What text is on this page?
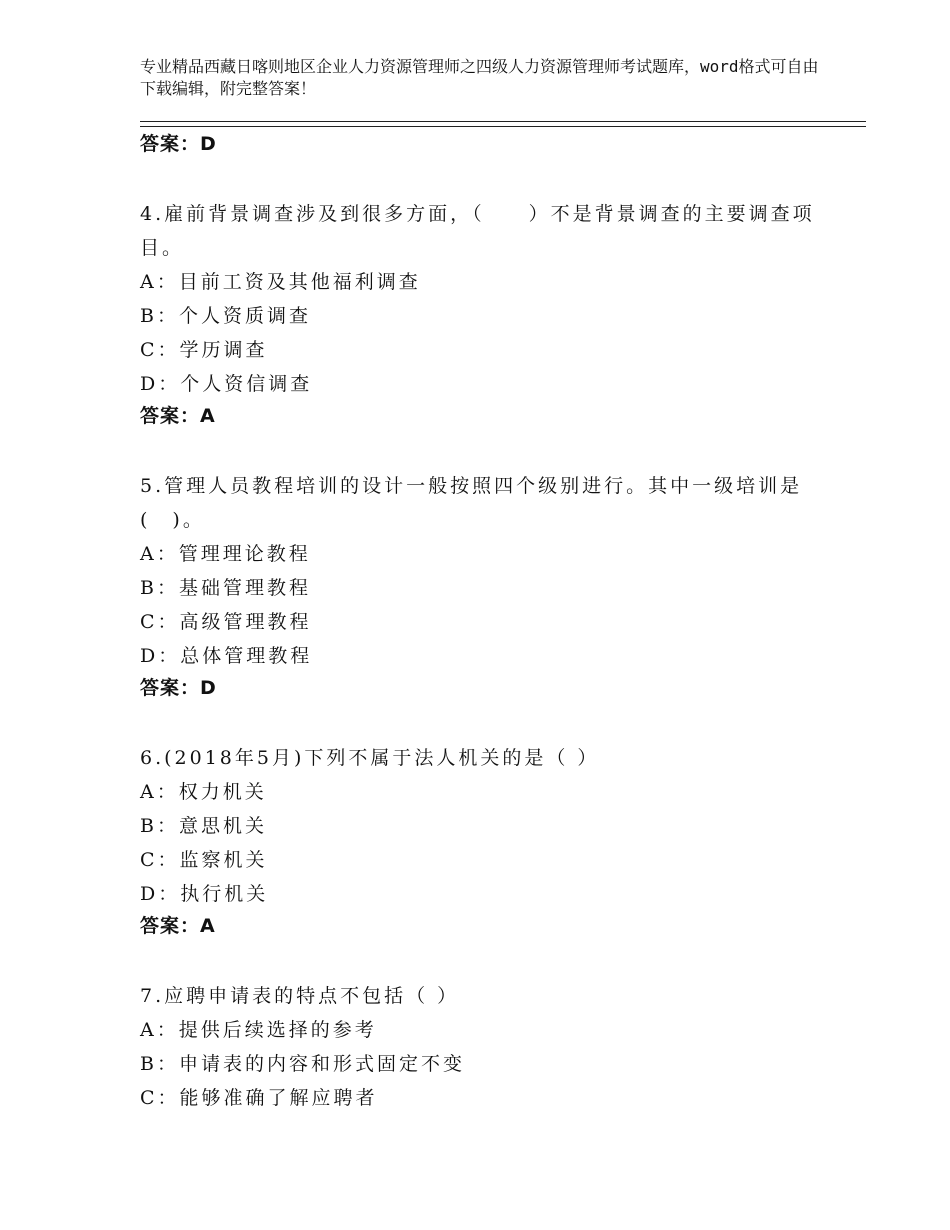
专业精品西藏日喀则地区企业人力资源管理师之四级人力资源管理师考试题库，word格式可自由下载编辑，附完整答案！
答案：D
4.雇前背景调查涉及到很多方面，（　　）不是背景调查的主要调查项目。
A：目前工资及其他福利调查
B：个人资质调查
C：学历调查
D：个人资信调查
答案：A
5.管理人员教程培训的设计一般按照四个级别进行。其中一级培训是(　)。
A：管理理论教程
B：基础管理教程
C：高级管理教程
D：总体管理教程
答案：D
6.(2018年5月)下列不属于法人机关的是（ ）
A：权力机关
B：意思机关
C：监察机关
D：执行机关
答案：A
7.应聘申请表的特点不包括（ ）
A：提供后续选择的参考
B：申请表的内容和形式固定不变
C：能够准确了解应聘者
